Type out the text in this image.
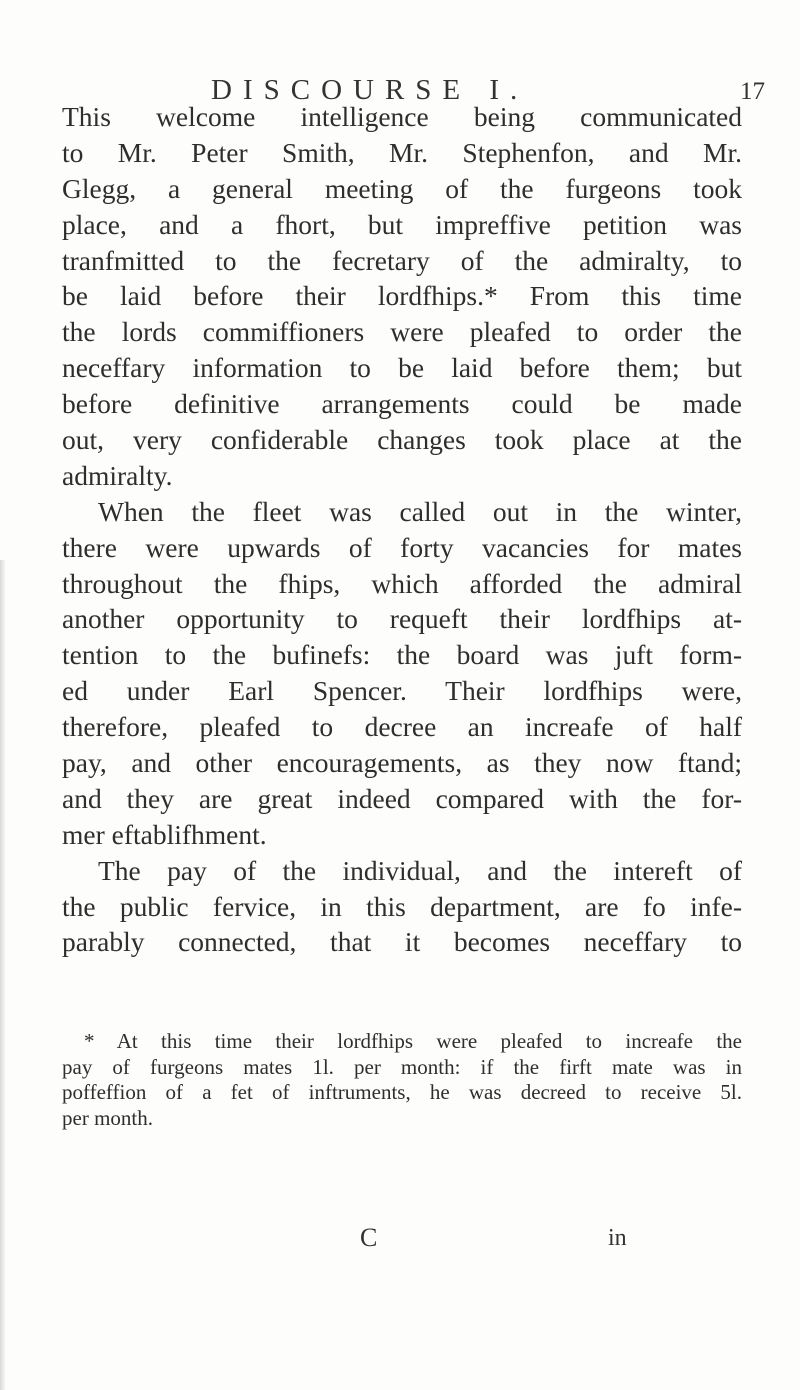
DISCOURSE I.	17
This welcome intelligence being communicated
to Mr. Peter Smith, Mr. Stephenfon, and Mr.
Glegg, a general meeting of the furgeons took
place, and a fhort, but impreffive petition was
tranfmitted to the fecretary of the admiralty, to
be laid before their lordfhips.* From this time
the lords commiffioners were pleafed to order the
neceffary information to be laid before them; but
before definitive arrangements could be made
out, very confiderable changes took place at the
admiralty.
When the fleet was called out in the winter,
there were upwards of forty vacancies for mates
throughout the fhips, which afforded the admiral
another opportunity to requeft their lordfhips at-
tention to the bufinefs: the board was juft form-
ed under Earl Spencer. Their lordfhips were,
therefore, pleafed to decree an increafe of half
pay, and other encouragements, as they now ftand;
and they are great indeed compared with the for-
mer eftablifhment.
The pay of the individual, and the intereft of
the public fervice, in this department, are fo infe-
parably connected, that it becomes neceffary to
* At this time their lordfhips were pleafed to increafe the
pay of furgeons mates 1l. per month: if the firft mate was in
poffeffion of a fet of inftruments, he was decreed to receive 5l.
per month.
C	in
